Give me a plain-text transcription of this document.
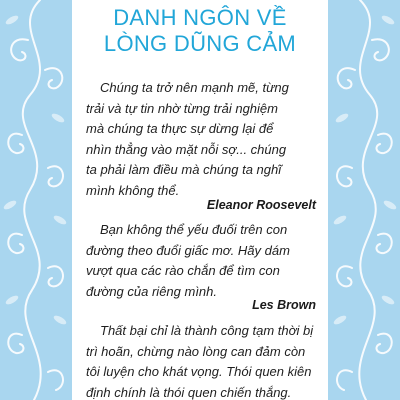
DANH NGÔN VỀ
LÒNG DŨNG CẢM

Chúng ta trở nên mạnh mẽ, từng
trải và tự tin nhờ từng trải nghiệm
mà chúng ta thực sự dừng lại để
nhìn thẳng vào mặt nỗi sợ... chúng
ta phải làm điều mà chúng ta nghĩ
mình không thể.

Eleanor Roosevelt

Bạn không thể yếu đuối trên con
đường theo đuổi giấc mơ. Hãy dám
vượt qua các rào chắn để tìm con
đường của riêng mình.

Les Brown

Thất bại chỉ là thành công tạm thời bị
trì hoãn, chừng nào lòng can đảm còn
tôi luyện cho khát vọng. Thói quen kiên
định chính là thói quen chiến thắng.
